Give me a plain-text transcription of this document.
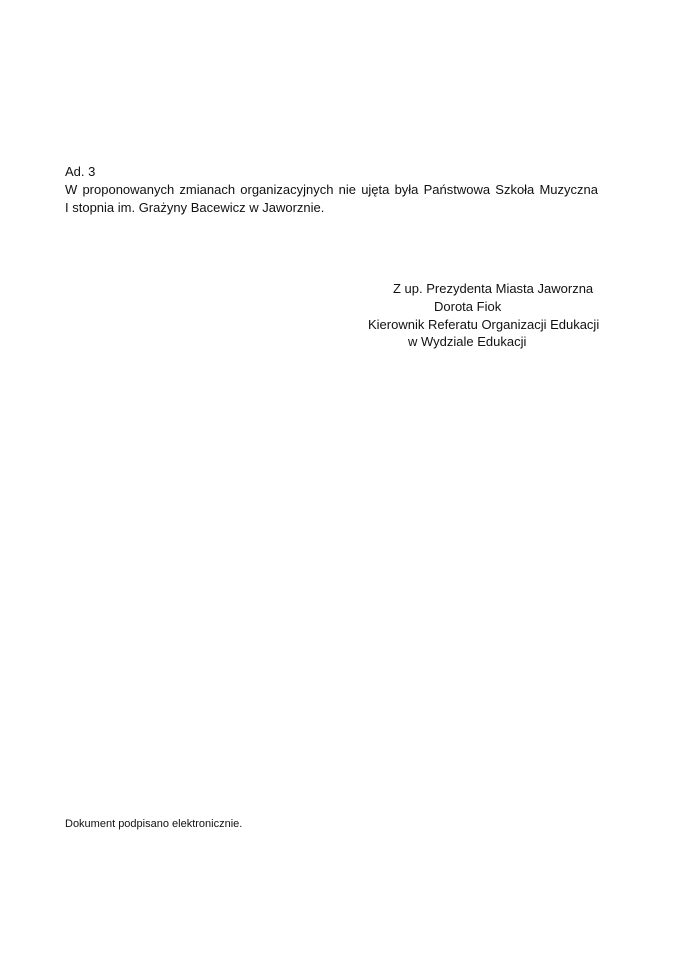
Ad. 3
W proponowanych zmianach organizacyjnych nie ujęta była Państwowa Szkoła Muzyczna
I stopnia im. Grażyny Bacewicz w Jaworznie.
Z up. Prezydenta Miasta Jaworzna
Dorota Fiok
Kierownik Referatu Organizacji Edukacji
w Wydziale Edukacji
Dokument podpisano elektronicznie.
